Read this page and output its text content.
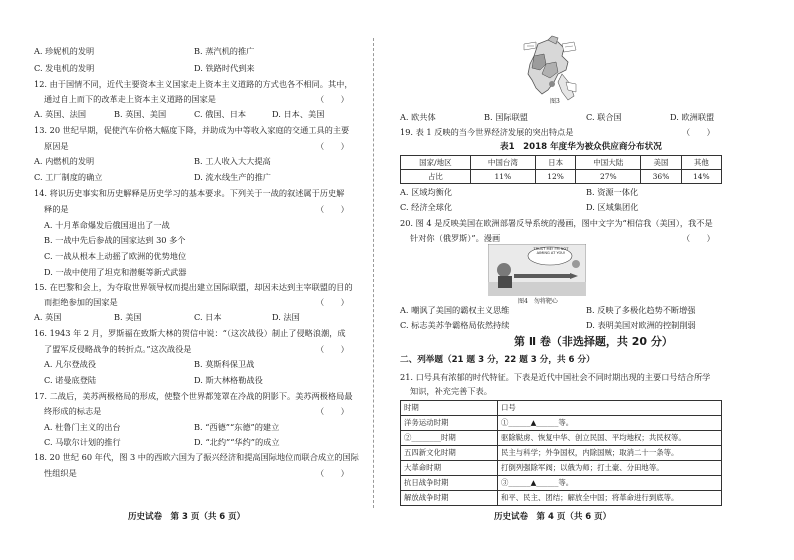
A. 珍妮机的发明	B. 蒸汽机的推广
C. 发电机的发明	D. 铁路时代到来
12. 由于国情不同，近代主要资本主义国家走上资本主义道路的方式也各不相同。其中，
通过自上而下的改革走上资本主义道路的国家是	（　　）
A. 英国、法国	B. 英国、美国	C. 俄国、日本	D. 日本、美国
13. 20 世纪早期，促使汽车价格大幅度下降，并助成为中等收入家庭的交通工具的主要
原因是	（　　）
A. 内燃机的发明	B. 工人收入大大提高
C. 工厂制度的确立	D. 流水线生产的推广
14. 将识历史事实和历史解释是历史学习的基本要求。下列关于一战的叙述属于历史解
释的是	（　　）
A. 十月革命爆发后俄国退出了一战
B. 一战中先后参战的国家达到 30 多个
C. 一战从根本上动摇了欧洲的优势地位
D. 一战中使用了坦克和潜艇等新式武器
15. 在巴黎和会上，为夺取世界领导权而提出建立国际联盟，却因未达到主宰联盟的目的
而拒绝参加的国家是	（　　）
A. 英国	B. 美国	C. 日本	D. 法国
16. 1943 年 2 月，罗斯福在致斯大林的贺信中说：“（这次战役）制止了侵略浪潮，成
了盟军反侵略战争的转折点。”这次战役是	（　　）
A. 凡尔登战役	B. 莫斯科保卫战
C. 诺曼底登陆	D. 斯大林格勒战役
17. 二战后，美苏两极格局的形成，使整个世界都笼罩在冷战的阴影下。美苏两极格局最
终形成的标志是	（　　）
A. 杜鲁门主义的出台	B. “西德”“东德”的建立
C. 马歇尔计划的推行	D. “北约”“华约”的成立
18. 20 世纪 60 年代，图 3 中的西欧六国为了振兴经济和提高国际地位而联合成立的国际
性组织是	（　　）
历史试卷　第 3 页（共 6 页）
图3
A. 欧共体	B. 国际联盟	C. 联合国	D. 欧洲联盟
19. 表 1 反映的当今世界经济发展的突出特点是	（　　）
表1　2018 年度华为被众供应商分布状况
国家/地区	中国台湾	日本	中国大陆	美国	其他
占比	11%	12%	27%	36%	14%
A. 区域均衡化	B. 资源一体化
C. 经济全球化	D. 区域集团化
20. 图 4 是反映美国在欧洲部署反导系统的漫画，图中文字为“相信我（美国），我不是
针对你（俄罗斯）”。漫画	（　　）
TRUST ME! I'M NOT AIMING AT YOU!
图4　勿将靶心
A. 嘲讽了美国的霸权主义思维	B. 反映了多极化趋势不断增强
C. 标志美苏争霸格局依然持续	D. 表明美国对欧洲的控制削弱
第 Ⅱ 卷（非选择题，共 20 分）
二、列举题（21 题 3 分，22 题 3 分，共 6 分）
21. 口号具有浓郁的时代特征。下表是近代中国社会不同时期出现的主要口号结合所学
知识，补充完善下表。
时期	口号
洋务运动时期	①______▲______等。
②________时期	驱除鞑虏、恢复中华、创立民国、平均地权；共民权等。
五四新文化时期	民主与科学；外争国权，内除国贼；取消二十一条等。
大革命时期	打倒列强除军阀；以俄为师；打土豪、分田地等。
抗日战争时期	③______▲______等。
解放战争时期	和平、民主、团结；解放全中国；将革命进行到底等。
历史试卷　第 4 页（共 6 页）
